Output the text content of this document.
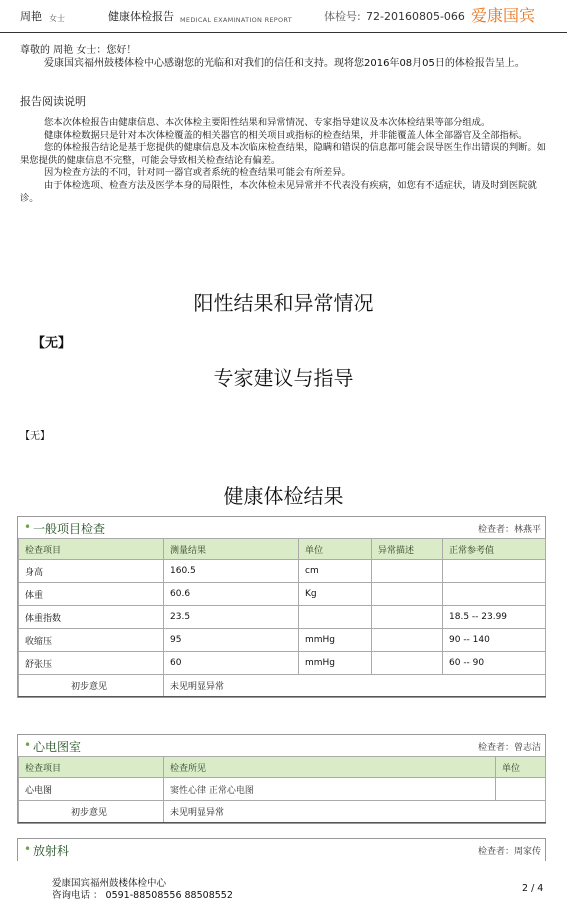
周艳 女士	健康体检报告 MEDICAL EXAMINATION REPORT	体检号: 72-20160805-066 爱康国宾

尊敬的 周艳 女士：您好！

爱康国宾福州鼓楼体检中心感谢您的光临和对我们的信任和支持。现将您2016年08月05日的体检报告呈上。

报告阅读说明

您本次体检报告由健康信息、本次体检主要阳性结果和异常情况、专家指导建议及本次体检结果等部分组成。

健康体检数据只是针对本次体检覆盖的相关器官的相关项目或指标的检查结果，并非能覆盖人体全部器官及全部指标。

您的体检报告结论是基于您提供的健康信息及本次临床检查结果，隐瞒和错误的信息都可能会误导医生作出错误的判断。如果您提供的健康信息不完整，可能会导致相关检查结论有偏差。

因为检查方法的不同，针对同一器官或者系统的检查结果可能会有所差异。

由于体检选项、检查方法及医学本身的局限性，本次体检未见异常并不代表没有疾病，如您有不适症状，请及时到医院就诊。

阳性结果和异常情况
【无】
专家建议与指导
【无】
健康体检结果
• 一般项目检查	检查者：林燕平
检查项目	测量结果	单位	异常描述	正常参考值
身高	160.5	cm		
体重	60.6	Kg		
体重指数	23.5			18.5 -- 23.99
收缩压	95	mmHg		90 -- 140
舒张压	60	mmHg		60 -- 90
初步意见	未见明显异常			
• 心电图室	检查者：曾志洁
检查项目	检查所见	单位
心电图	窦性心律 正常心电图	
初步意见	未见明显异常	
• 放射科	检查者：周家传
爱康国宾福州鼓楼体检中心
咨询电话 ： 0591-88508556 88508552
2 / 4
